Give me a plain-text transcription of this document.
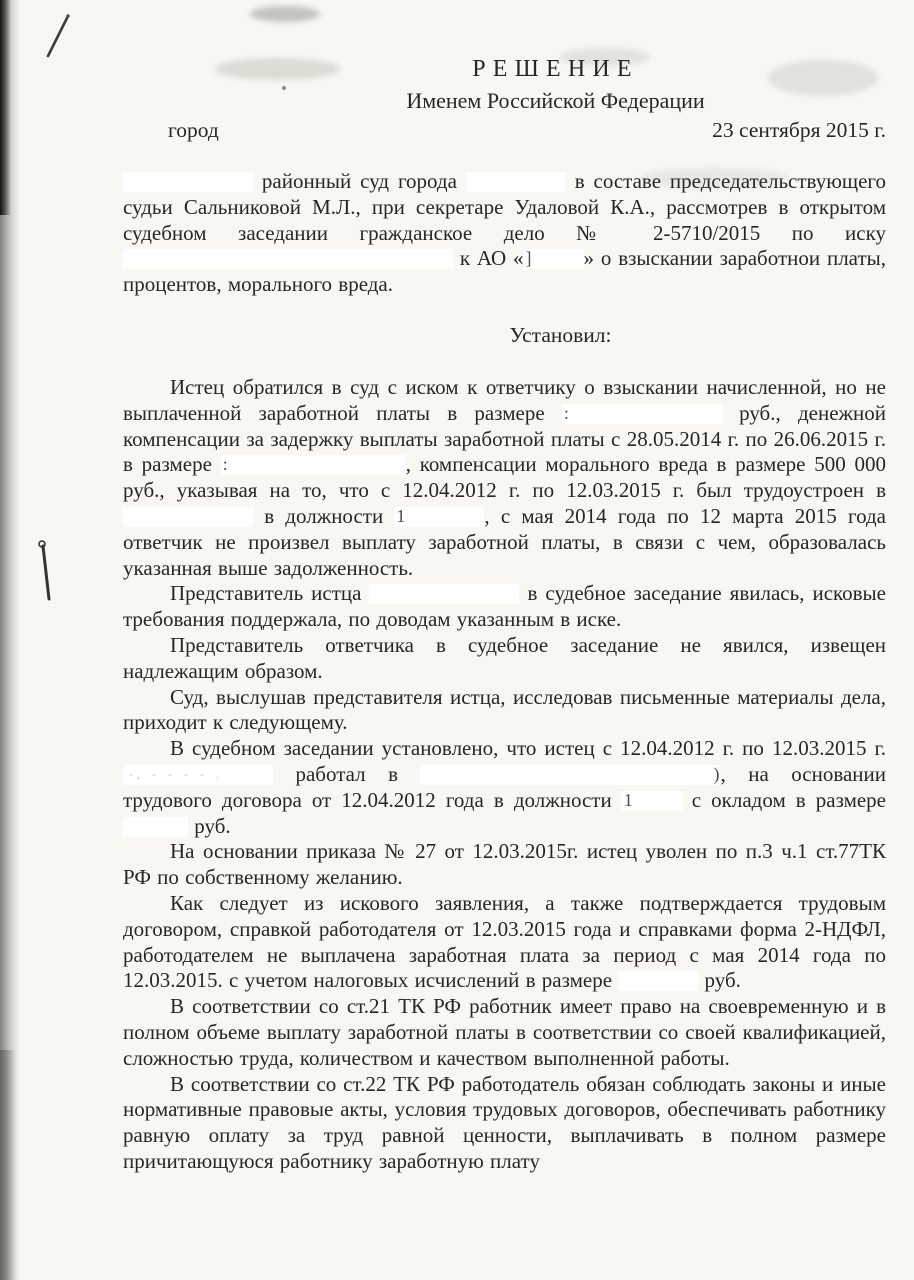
РЕШЕНИЕ
Именем Российской Федерации
город	23 сентября 2015 г.
районный суд города	в составе председательствующего судьи Сальниковой М.Л., при секретаре Удаловой К.А., рассмотрев в открытом судебном заседании гражданское дело № 2-5710/2015 по иску  к АО « ] » о взыскании заработнои платы, процентов, морального вреда.
Установил:
Истец обратился в суд с иском к ответчику о взыскании начисленной, но не выплаченной заработной платы в размере :	руб., денежной компенсации за задержку выплаты заработной платы с 28.05.2014 г. по 26.06.2015 г. в размере :	, компенсации морального вреда в размере 500 000 руб., указывая на то, что с 12.04.2012 г. по 12.03.2015 г. был трудоустроен в  в должности 1	, с мая 2014 года по 12 марта 2015 года ответчик не произвел выплату заработной платы, в связи с чем, образовалась указанная выше задолженность.
Представитель истца	в судебное заседание явилась, исковые требования поддержала, по доводам указанным в иске.
Представитель ответчика в судебное заседание не явился, извещен надлежащим образом.
Суд, выслушав представителя истца, исследовав письменные материалы дела, приходит к следующему.
В судебном заседании установлено, что истец с 12.04.2012 г. по 12.03.2015 г. -, - - - - . работал в	) , на основании трудового договора от 12.04.2012 года в должности 1 с окладом в размере  руб.
На основании приказа № 27 от 12.03.2015г. истец уволен по п.3 ч.1 ст.77ТК РФ по собственному желанию.
Как следует из искового заявления, а также подтверждается трудовым договором, справкой работодателя от 12.03.2015 года и справками форма 2-НДФЛ, работодателем не выплачена заработная плата за период с мая 2014 года по 12.03.2015. с учетом налоговых исчислений в размере	руб.
В соответствии со ст.21 ТК РФ работник имеет право на своевременную и в полном объеме выплату заработной платы в соответствии со своей квалификацией, сложностью труда, количеством и качеством выполненной работы.
В соответствии со ст.22 ТК РФ работодатель обязан соблюдать законы и иные нормативные правовые акты, условия трудовых договоров, обеспечивать работнику равную оплату за труд равной ценности, выплачивать в полном размере причитающуюся работнику заработную плату
